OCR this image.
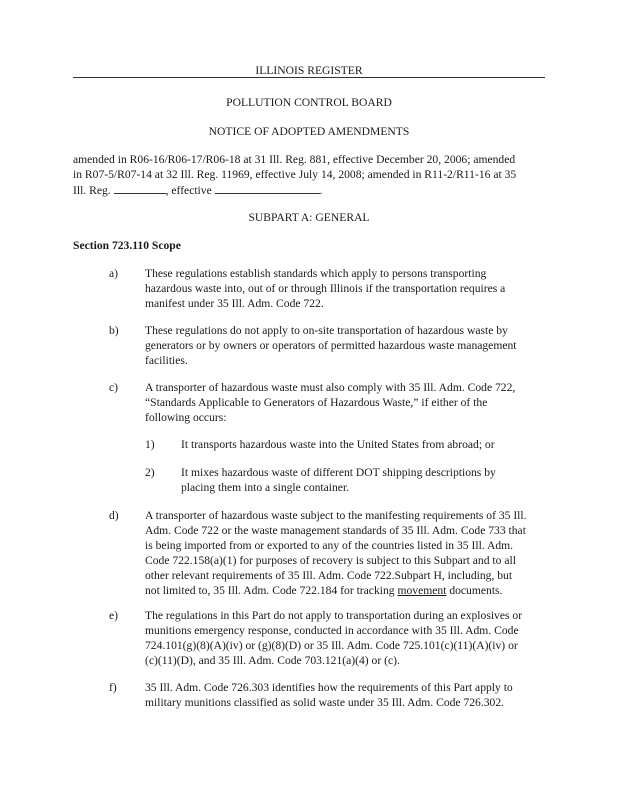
ILLINOIS REGISTER
POLLUTION CONTROL BOARD
NOTICE OF ADOPTED AMENDMENTS
amended in R06-16/R06-17/R06-18 at 31 Ill. Reg. 881, effective December 20, 2006; amended
in R07-5/R07-14 at 32 Ill. Reg. 11969, effective July 14, 2008; amended in R11-2/R11-16 at 35
Ill. Reg.	, effective	.
SUBPART A: GENERAL
Section 723.110 Scope
a) These regulations establish standards which apply to persons transporting
hazardous waste into, out of or through Illinois if the transportation requires a
manifest under 35 Ill. Adm. Code 722.
b) These regulations do not apply to on-site transportation of hazardous waste by
generators or by owners or operators of permitted hazardous waste management
facilities.
c) A transporter of hazardous waste must also comply with 35 Ill. Adm. Code 722,
“Standards Applicable to Generators of Hazardous Waste,” if either of the
following occurs:
1) It transports hazardous waste into the United States from abroad; or
2) It mixes hazardous waste of different DOT shipping descriptions by
placing them into a single container.
d) A transporter of hazardous waste subject to the manifesting requirements of 35 Ill.
Adm. Code 722 or the waste management standards of 35 Ill. Adm. Code 733 that
is being imported from or exported to any of the countries listed in 35 Ill. Adm.
Code 722.158(a)(1) for purposes of recovery is subject to this Subpart and to all
other relevant requirements of 35 Ill. Adm. Code 722.Subpart H, including, but
not limited to, 35 Ill. Adm. Code 722.184 for tracking movement documents.
e) The regulations in this Part do not apply to transportation during an explosives or
munitions emergency response, conducted in accordance with 35 Ill. Adm. Code
724.101(g)(8)(A)(iv) or (g)(8)(D) or 35 Ill. Adm. Code 725.101(c)(11)(A)(iv) or
(c)(11)(D), and 35 Ill. Adm. Code 703.121(a)(4) or (c).
f) 35 Ill. Adm. Code 726.303 identifies how the requirements of this Part apply to
military munitions classified as solid waste under 35 Ill. Adm. Code 726.302.
